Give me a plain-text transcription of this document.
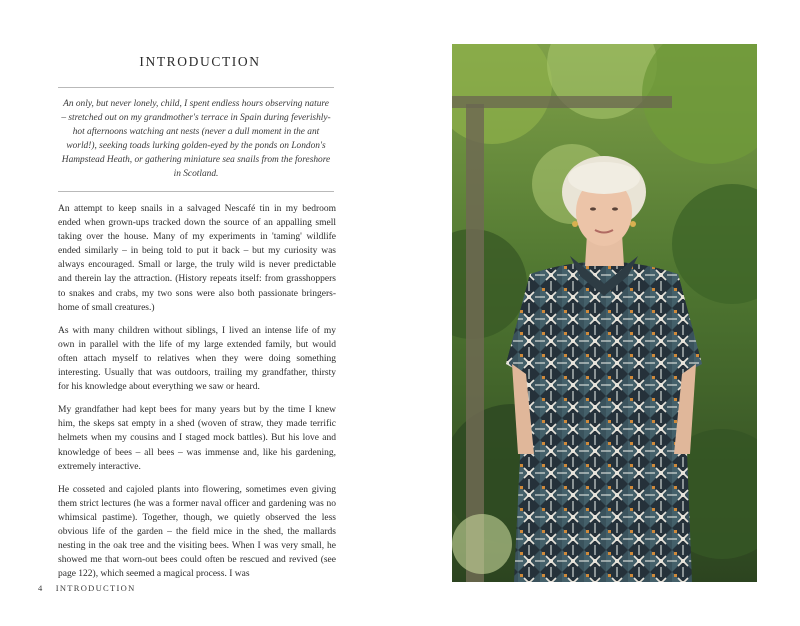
INTRODUCTION

An only, but never lonely, child, I spent endless hours observing nature – stretched out on my grandmother's terrace in Spain during feverishly-hot afternoons watching ant nests (never a dull moment in the ant world!), seeking toads lurking golden-eyed by the ponds on London's Hampstead Heath, or gathering miniature sea snails from the foreshore in Scotland.

An attempt to keep snails in a salvaged Nescafé tin in my bedroom ended when grown-ups tracked down the source of an appalling smell taking over the house. Many of my experiments in 'taming' wildlife ended similarly – in being told to put it back – but my curiosity was always encouraged. Small or large, the truly wild is never predictable and therein lay the attraction. (History repeats itself: from grasshoppers to snakes and crabs, my two sons were also both passionate bringers-home of small creatures.)

As with many children without siblings, I lived an intense life of my own in parallel with the life of my large extended family, but would often attach myself to relatives when they were doing something interesting. Usually that was outdoors, trailing my grandfather, thirsty for his knowledge about everything we saw or heard.

My grandfather had kept bees for many years but by the time I knew him, the skeps sat empty in a shed (woven of straw, they made terrific helmets when my cousins and I staged mock battles). But his love and knowledge of bees – all bees – was immense and, like his gardening, extremely interactive.

He cosseted and cajoled plants into flowering, sometimes even giving them strict lectures (he was a former naval officer and gardening was no whimsical pastime). Together, though, we quietly observed the less obvious life of the garden – the field mice in the shed, the mallards nesting in the oak tree and the visiting bees. When I was very small, he showed me that worn-out bees could often be rescued and revived (see page 122), which seemed a magical process. I was

4 INTRODUCTION
